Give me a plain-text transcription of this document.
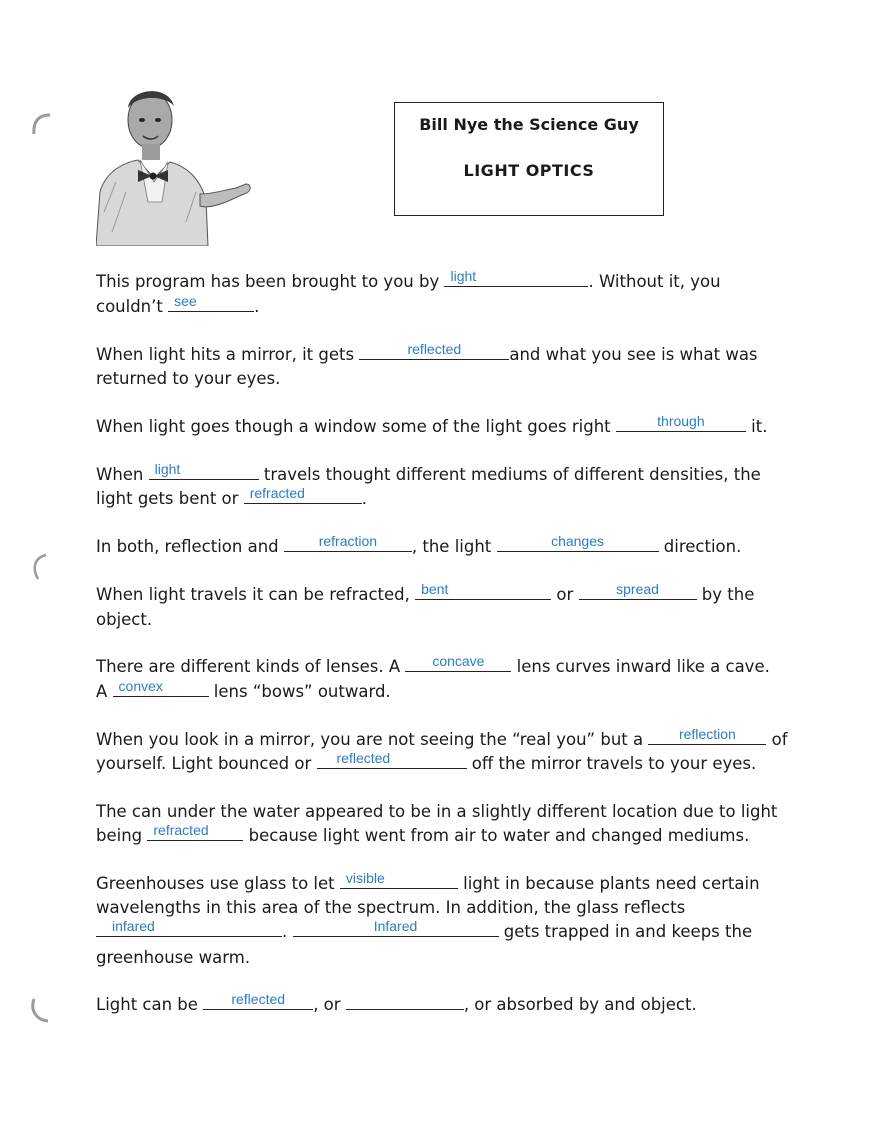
Bill Nye the Science Guy
LIGHT OPTICS
This program has been brought to you by light	. Without it, you
couldn’t see	.
When light hits a mirror, it gets	reflected	and what you see is what was
returned to your eyes.
When light goes though a window some of the light goes right	through	it.
When light	travels thought different mediums of different densities, the
light gets bent or refracted	.
In both, reflection and	refraction	, the light	changes	direction.
When light travels it can be refracted, bent	or	spread	by the
object.
There are different kinds of lenses. A	concave	lens curves inward like a cave.
A convex	lens “bows” outward.
When you look in a mirror, you are not seeing the “real you” but a	reflection	of
yourself. Light bounced or reflected	off the mirror travels to your eyes.
The can under the water appeared to be in a slightly different location due to light
being refracted	because light went from air to water and changed mediums.
Greenhouses use glass to let visible	light in because plants need certain
wavelengths in this area of the spectrum. In addition, the glass reflects
infared	.	Infared	gets trapped in and keeps the
greenhouse warm.
Light can be	reflected	, or	, or absorbed by and object.
